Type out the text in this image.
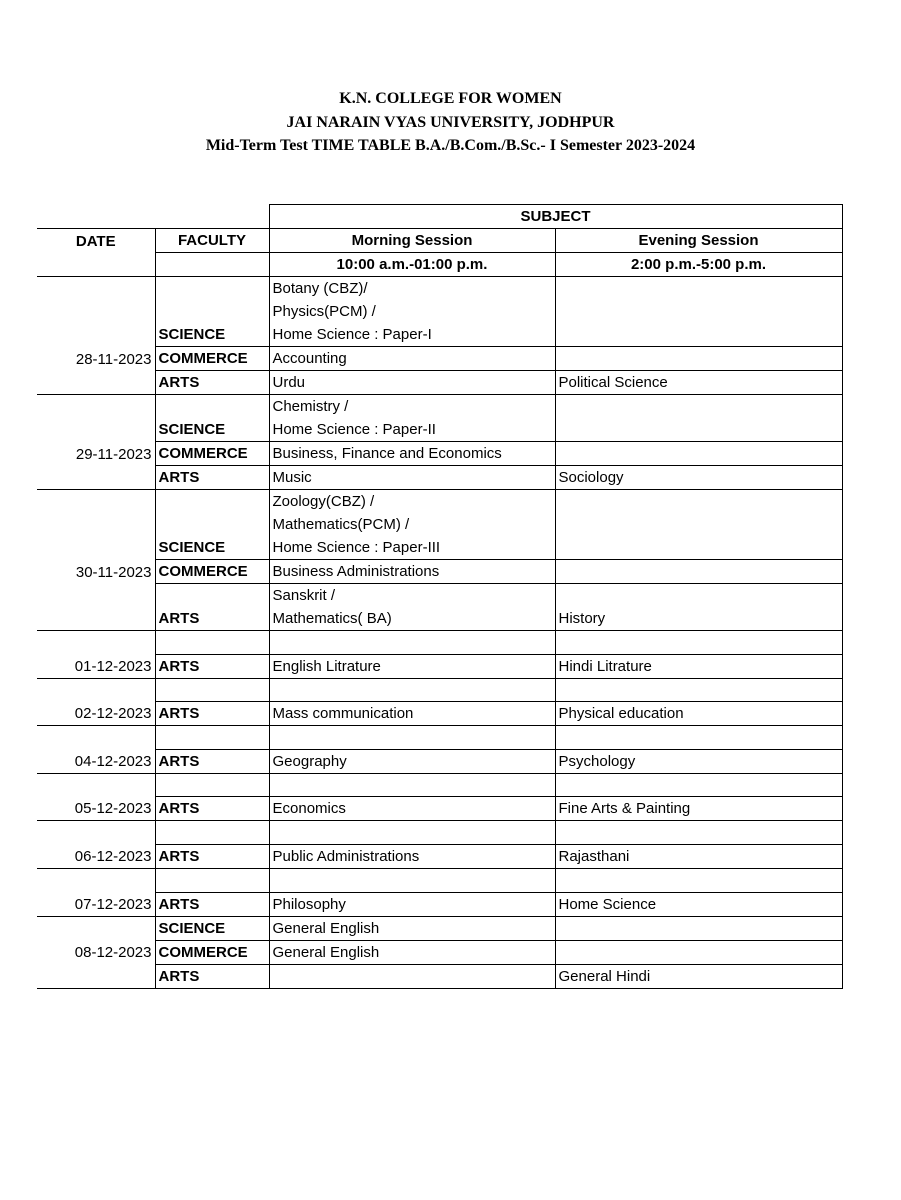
K.N. COLLEGE FOR WOMEN
JAI NARAIN VYAS UNIVERSITY, JODHPUR
Mid-Term Test TIME TABLE B.A./B.Com./B.Sc.- I Semester 2023-2024
		SUBJECT	
DATE	FACULTY	Morning Session	Evening Session
		10:00 a.m.-01:00 p.m.	2:00 p.m.-5:00 p.m.
		Botany (CBZ)/	
		Physics(PCM) /	
	SCIENCE	Home Science : Paper-I	
28-11-2023	COMMERCE	Accounting	
	ARTS	Urdu	Political Science
		Chemistry /	
	SCIENCE	Home Science : Paper-II	
29-11-2023	COMMERCE	Business, Finance and Economics	
	ARTS	Music	Sociology
		Zoology(CBZ) /	
		Mathematics(PCM) /	
	SCIENCE	Home Science : Paper-III	
30-11-2023	COMMERCE	Business Administrations	
		Sanskrit /	
	ARTS	Mathematics( BA)	History

01-12-2023	ARTS	English Litrature	Hindi Litrature

02-12-2023	ARTS	Mass communication	Physical education

04-12-2023	ARTS	Geography	Psychology

05-12-2023	ARTS	Economics	Fine Arts & Painting

06-12-2023	ARTS	Public Administrations	Rajasthani

07-12-2023	ARTS	Philosophy	Home Science
	SCIENCE	General English	
08-12-2023	COMMERCE	General English	
	ARTS		General Hindi
